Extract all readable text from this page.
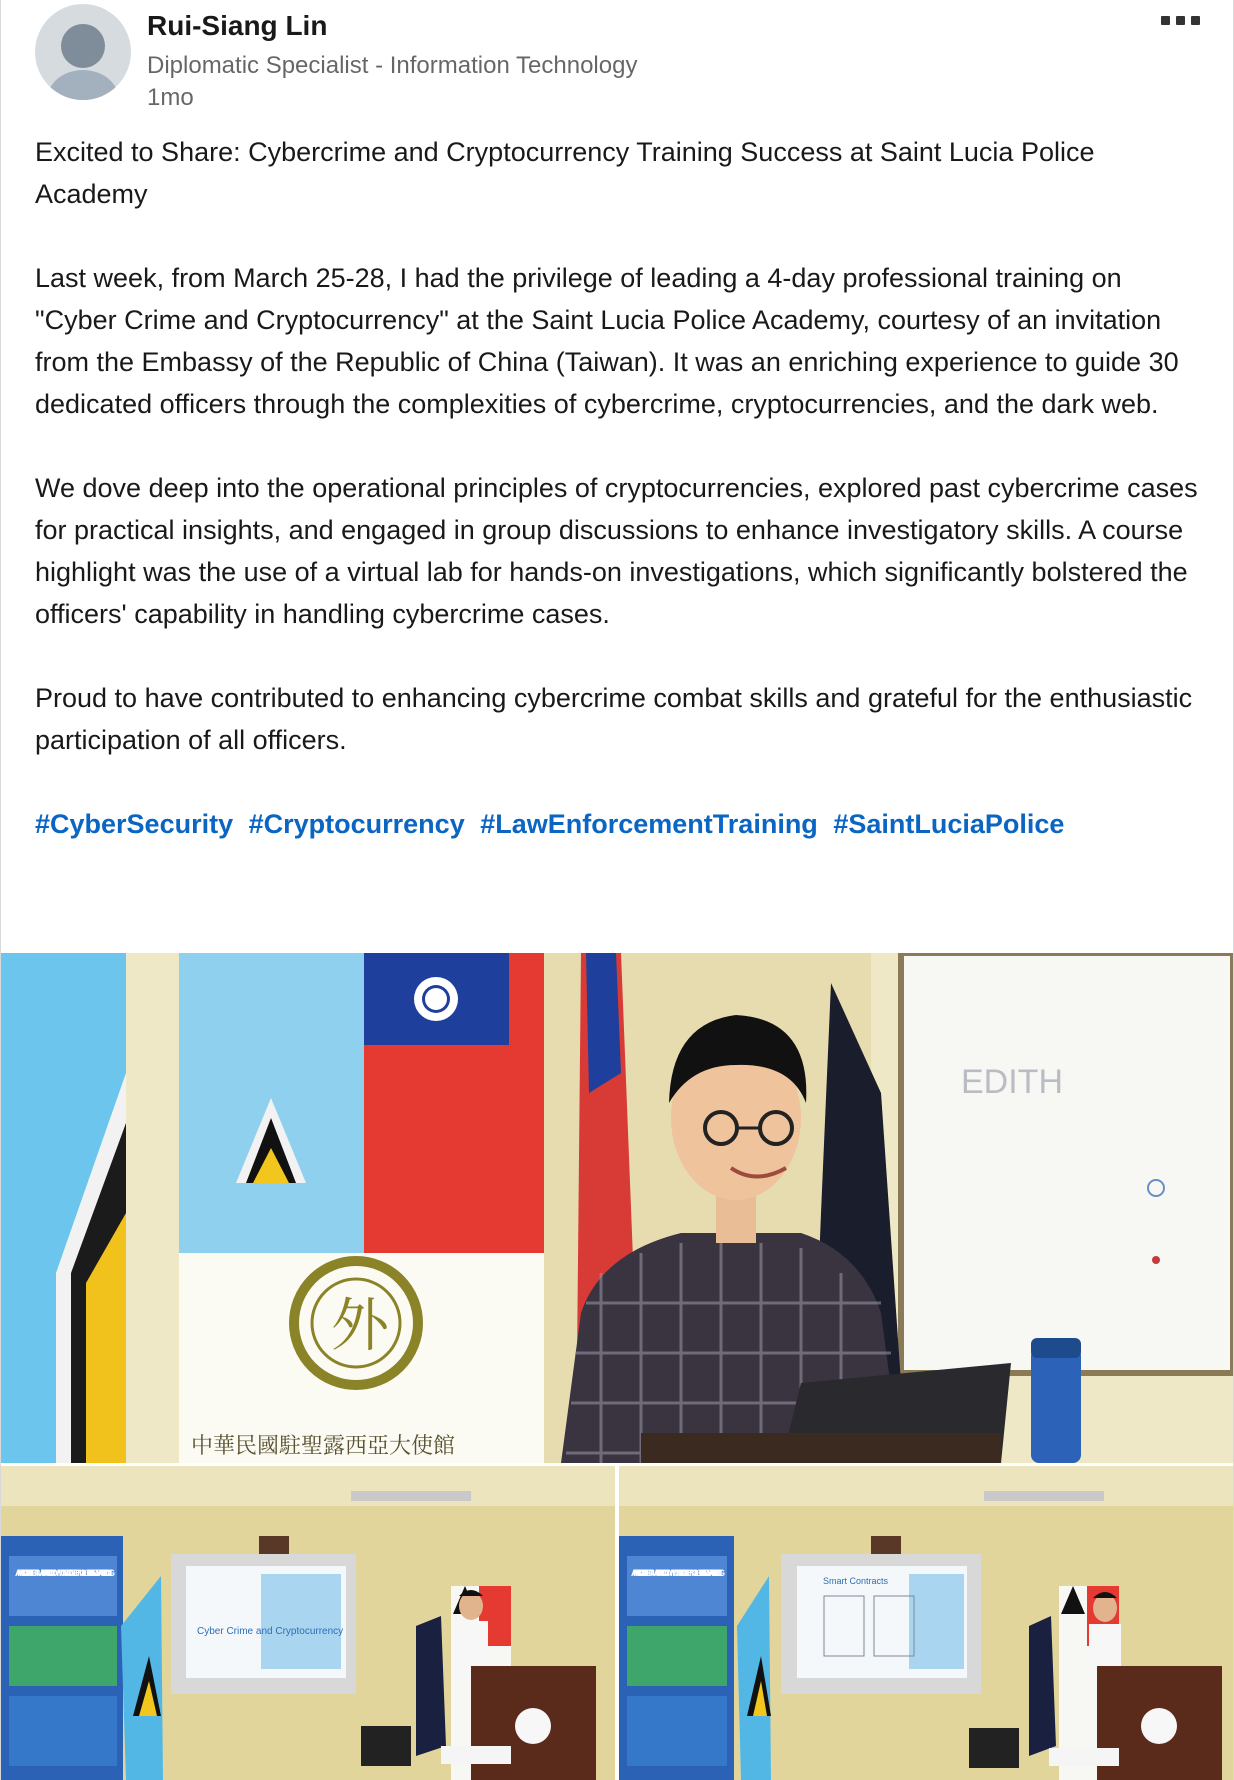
Rui-Siang Lin
Diplomatic Specialist - Information Technology
1mo

Excited to Share: Cybercrime and Cryptocurrency Training Success at Saint Lucia Police Academy

Last week, from March 25-28, I had the privilege of leading a 4-day professional training on "Cyber Crime and Cryptocurrency" at the Saint Lucia Police Academy, courtesy of an invitation from the Embassy of the Republic of China (Taiwan). It was an enriching experience to guide 30 dedicated officers through the complexities of cybercrime, cryptocurrencies, and the dark web.

We dove deep into the operational principles of cryptocurrencies, explored past cybercrime cases for practical insights, and engaged in group discussions to enhance investigatory skills. A course highlight was the use of a virtual lab for hands-on investigations, which significantly bolstered the officers' capability in handling cybercrime cases.

Proud to have contributed to enhancing cybercrime combat skills and grateful for the enthusiastic participation of all officers.

#CyberSecurity #Cryptocurrency #LawEnforcementTraining #SaintLuciaPolice

EDITH
外
中華民國駐聖露西亞大使館
APPLICATION OF INFORMATION AND COMMUNICATION TECHNOLOGY IN DIGITAL CAPACITY BUILDING
Cyber Crime and Cryptocurrency
APPLICATION OF INFORMATION AND COMMUNICATION TECHNOLOGY IN DIGITAL CAPACITY BUILDING
Smart Contracts
